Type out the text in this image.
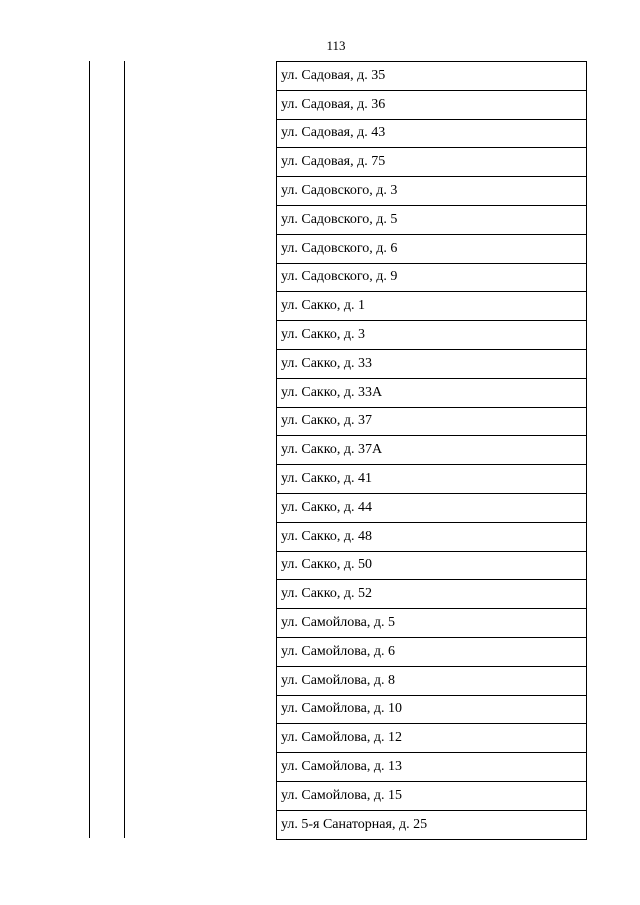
113
ул. Садовая, д. 35
ул. Садовая, д. 36
ул. Садовая, д. 43
ул. Садовая, д. 75
ул. Садовского, д. 3
ул. Садовского, д. 5
ул. Садовского, д. 6
ул. Садовского, д. 9
ул. Сакко, д. 1
ул. Сакко, д. 3
ул. Сакко, д. 33
ул. Сакко, д. 33А
ул. Сакко, д. 37
ул. Сакко, д. 37А
ул. Сакко, д. 41
ул. Сакко, д. 44
ул. Сакко, д. 48
ул. Сакко, д. 50
ул. Сакко, д. 52
ул. Самойлова, д. 5
ул. Самойлова, д. 6
ул. Самойлова, д. 8
ул. Самойлова, д. 10
ул. Самойлова, д. 12
ул. Самойлова, д. 13
ул. Самойлова, д. 15
ул. 5-я Санаторная, д. 25
